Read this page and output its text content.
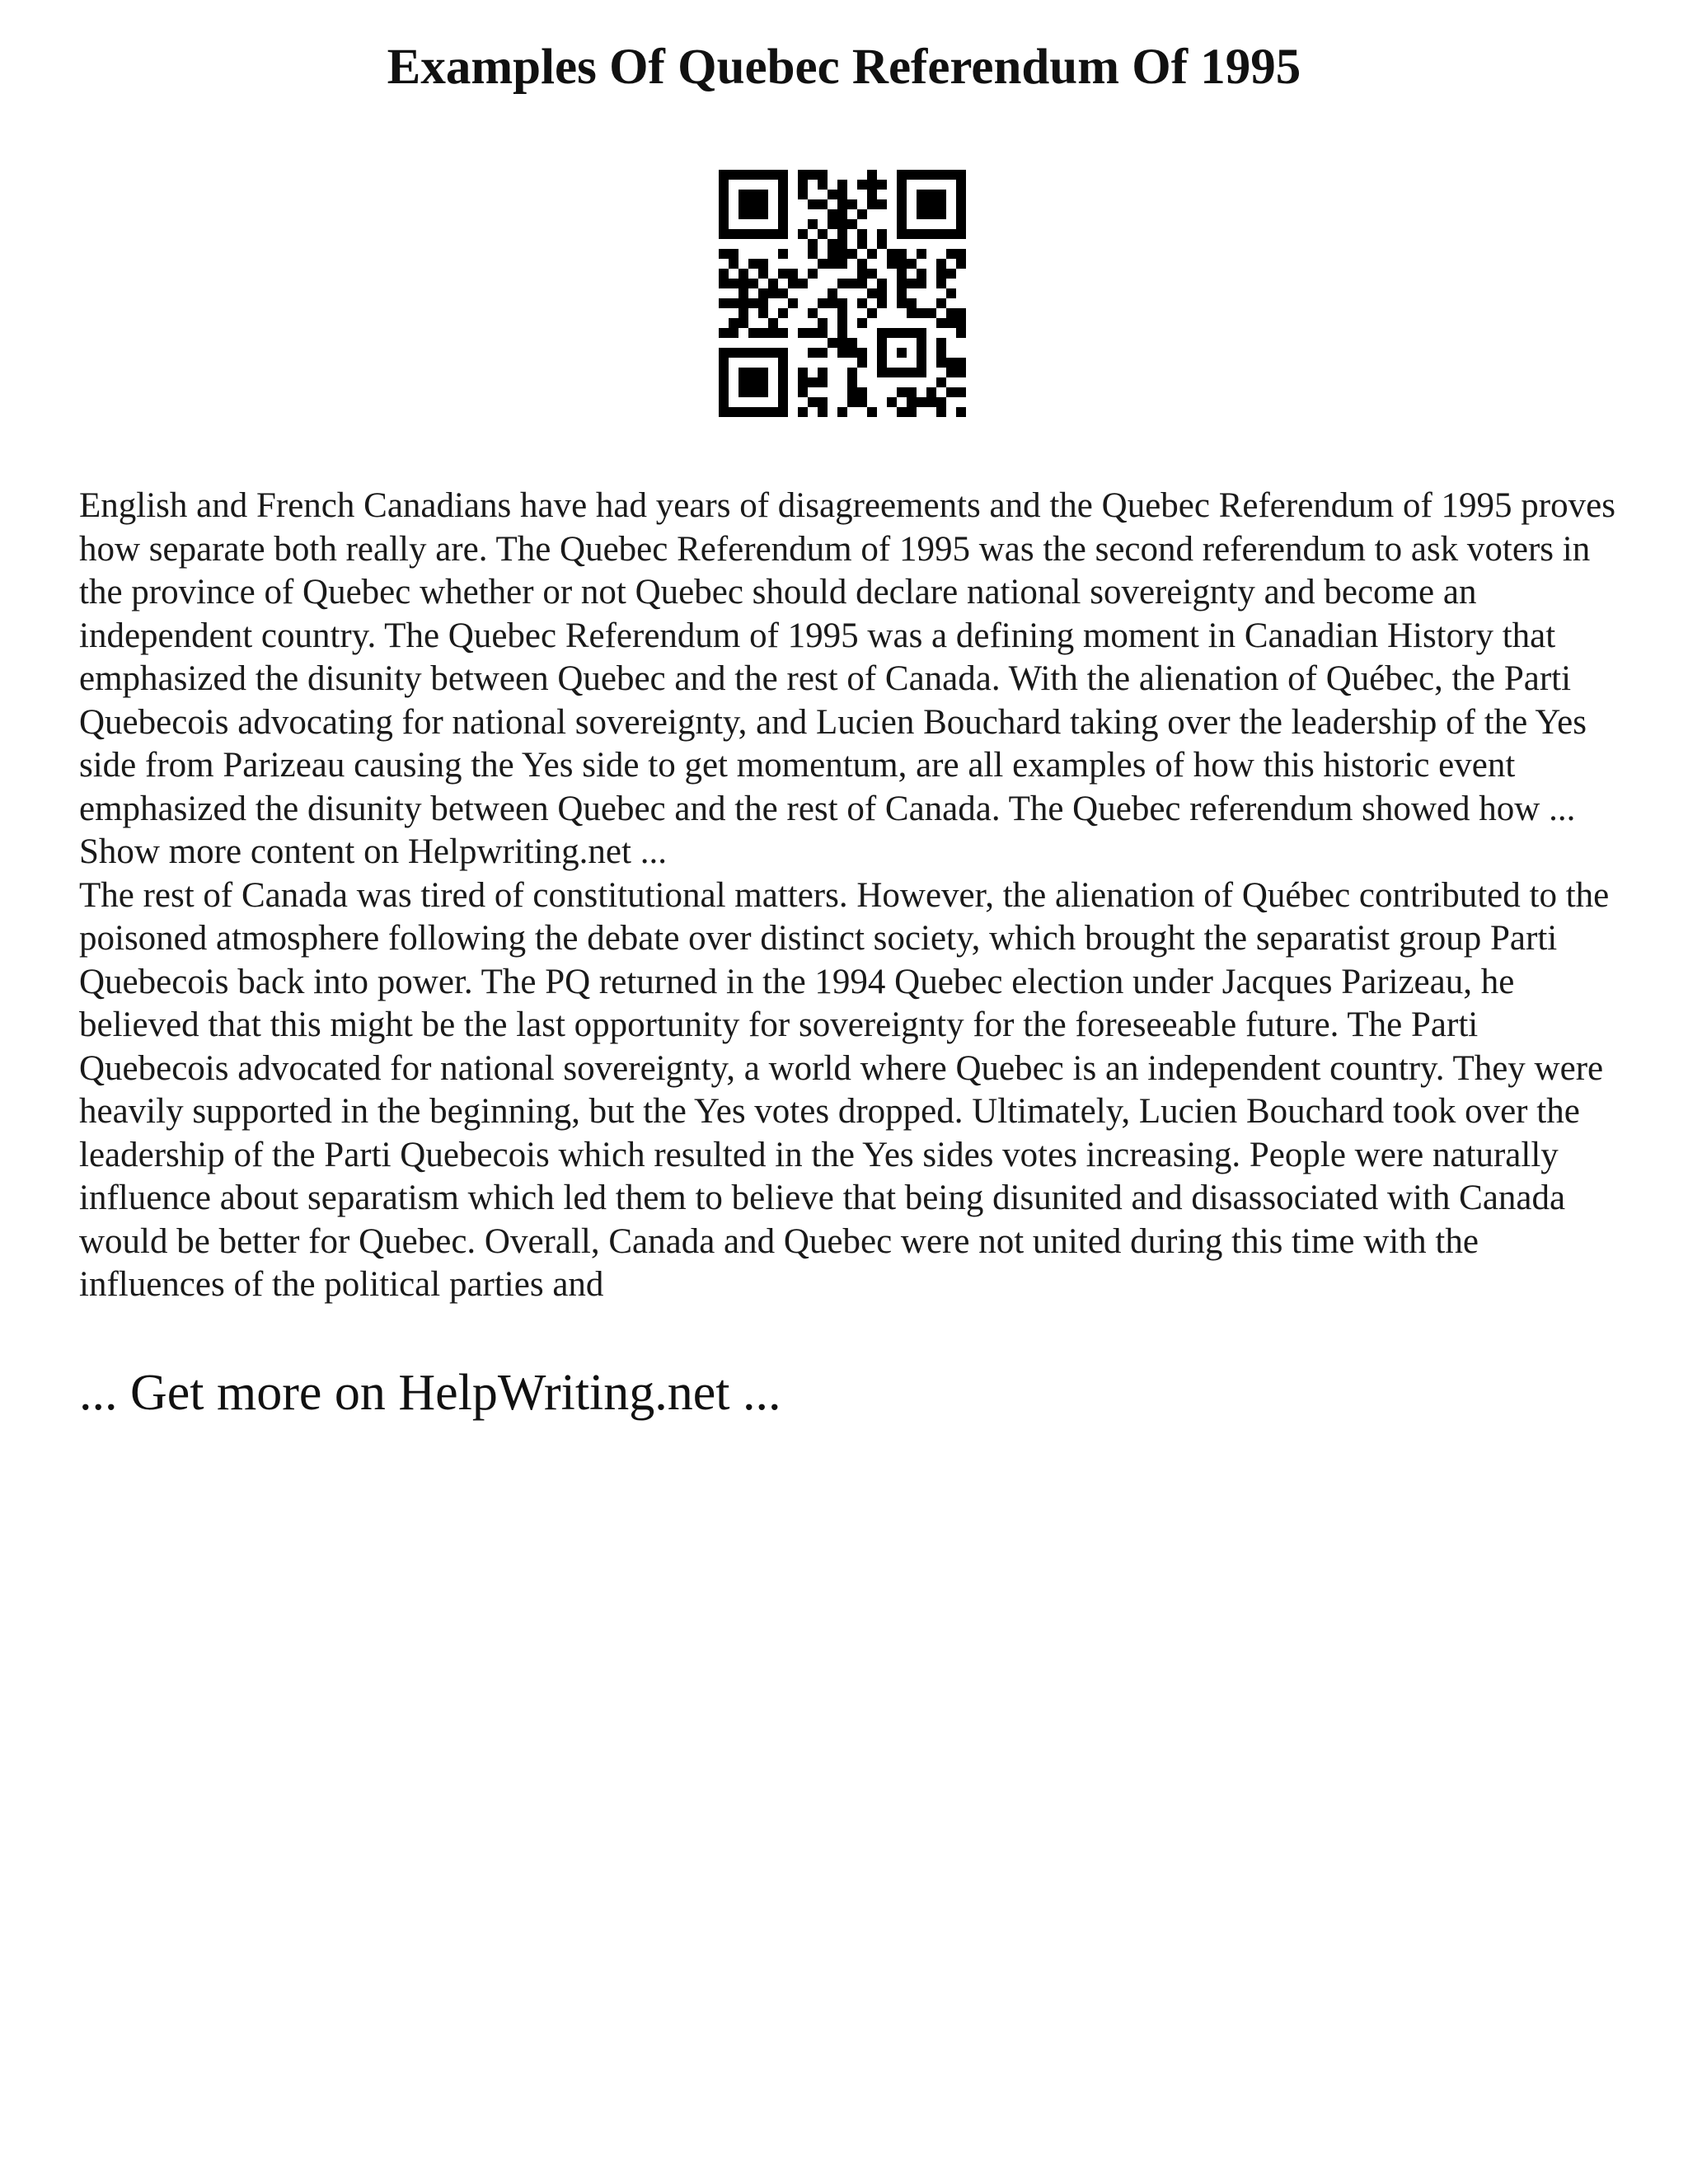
Examples Of Quebec Referendum Of 1995

English and French Canadians have had years of disagreements and the Quebec Referendum of 1995 proves how separate both really are. The Quebec Referendum of 1995 was the second referendum to ask voters in the province of Quebec whether or not Quebec should declare national sovereignty and become an independent country. The Quebec Referendum of 1995 was a defining moment in Canadian History that emphasized the disunity between Quebec and the rest of Canada. With the alienation of Québec, the Parti Quebecois advocating for national sovereignty, and Lucien Bouchard taking over the leadership of the Yes side from Parizeau causing the Yes side to get momentum, are all examples of how this historic event emphasized the disunity between Quebec and the rest of Canada. The Quebec referendum showed how ... Show more content on Helpwriting.net ...

The rest of Canada was tired of constitutional matters. However, the alienation of Québec contributed to the poisoned atmosphere following the debate over distinct society, which brought the separatist group Parti Quebecois back into power. The PQ returned in the 1994 Quebec election under Jacques Parizeau, he believed that this might be the last opportunity for sovereignty for the foreseeable future. The Parti Quebecois advocated for national sovereignty, a world where Quebec is an independent country. They were heavily supported in the beginning, but the Yes votes dropped. Ultimately, Lucien Bouchard took over the leadership of the Parti Quebecois which resulted in the Yes sides votes increasing. People were naturally influence about separatism which led them to believe that being disunited and disassociated with Canada would be better for Quebec. Overall, Canada and Quebec were not united during this time with the influences of the political parties and

... Get more on HelpWriting.net ...
